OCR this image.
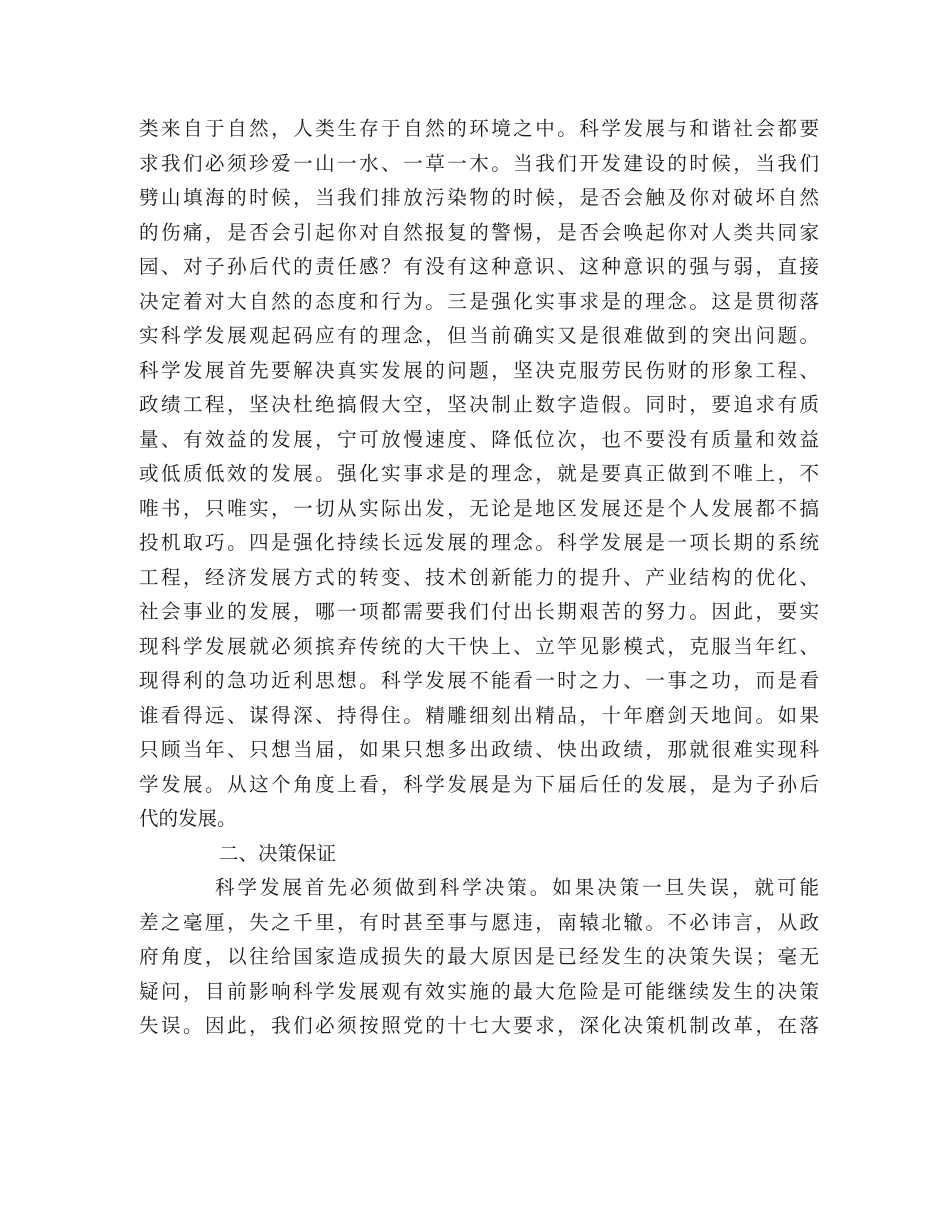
类来自于自然，人类生存于自然的环境之中。科学发展与和谐社会都要
求我们必须珍爱一山一水、一草一木。当我们开发建设的时候，当我们
劈山填海的时候，当我们排放污染物的时候，是否会触及你对破坏自然
的伤痛，是否会引起你对自然报复的警惕，是否会唤起你对人类共同家
园、对子孙后代的责任感？有没有这种意识、这种意识的强与弱，直接
决定着对大自然的态度和行为。三是强化实事求是的理念。这是贯彻落
实科学发展观起码应有的理念，但当前确实又是很难做到的突出问题。
科学发展首先要解决真实发展的问题，坚决克服劳民伤财的形象工程、
政绩工程，坚决杜绝搞假大空，坚决制止数字造假。同时，要追求有质
量、有效益的发展，宁可放慢速度、降低位次，也不要没有质量和效益
或低质低效的发展。强化实事求是的理念，就是要真正做到不唯上，不
唯书，只唯实，一切从实际出发，无论是地区发展还是个人发展都不搞
投机取巧。四是强化持续长远发展的理念。科学发展是一项长期的系统
工程，经济发展方式的转变、技术创新能力的提升、产业结构的优化、
社会事业的发展，哪一项都需要我们付出长期艰苦的努力。因此，要实
现科学发展就必须摈弃传统的大干快上、立竿见影模式，克服当年红、
现得利的急功近利思想。科学发展不能看一时之力、一事之功，而是看
谁看得远、谋得深、持得住。精雕细刻出精品，十年磨剑天地间。如果
只顾当年、只想当届，如果只想多出政绩、快出政绩，那就很难实现科
学发展。从这个角度上看，科学发展是为下届后任的发展，是为子孙后
代的发展。
二、决策保证
科学发展首先必须做到科学决策。如果决策一旦失误，就可能
差之毫厘，失之千里，有时甚至事与愿违，南辕北辙。不必讳言，从政
府角度，以往给国家造成损失的最大原因是已经发生的决策失误；毫无
疑问，目前影响科学发展观有效实施的最大危险是可能继续发生的决策
失误。因此，我们必须按照党的十七大要求，深化决策机制改革，在落
